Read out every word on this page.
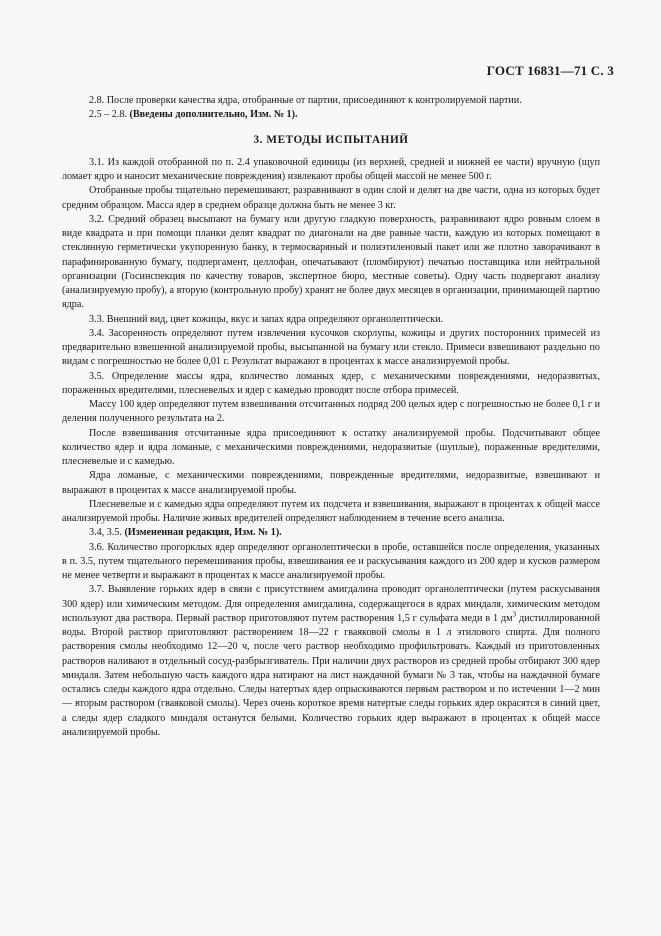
ГОСТ 16831—71 С. 3

2.8. После проверки качества ядра, отобранные от партии, присоединяют к контролируемой партии.

2.5 – 2.8. (Введены дополнительно, Изм. № 1).

3. МЕТОДЫ ИСПЫТАНИЙ

3.1. Из каждой отобранной по п. 2.4 упаковочной единицы (из верхней, средней и нижней ее части) вручную (щуп ломает ядро и наносит механические повреждения) извлекают пробы общей массой не менее 500 г.

Отобранные пробы тщательно перемешивают, разравнивают в один слой и делят на две части, одна из которых будет средним образцом. Масса ядер в среднем образце должна быть не менее 3 кг.

3.2. Средний образец высыпают на бумагу или другую гладкую поверхность, разравнивают ядро ровным слоем в виде квадрата и при помощи планки делят квадрат по диагонали на две равные части, каждую из которых помещают в стеклянную герметически укупоренную банку, в термосваряный и полиэтиленовый пакет или же плотно заворачивают в парафинированную бумагу, подпергамент, целлофан, опечатывают (пломбируют) печатью поставщика или нейтральной организации (Госинспекция по качеству товаров, экспертное бюро, местные советы). Одну часть подвергают анализу (анализируемую пробу), а вторую (контрольную пробу) хранят не более двух месяцев в организации, принимающей партию ядра.

3.3. Внешний вид, цвет кожицы, вкус и запах ядра определяют органолептически.

3.4. Засоренность определяют путем извлечения кусочков скорлупы, кожицы и других посторонних примесей из предварительно взвешенной анализируемой пробы, высыпанной на бумагу или стекло. Примеси взвешивают раздельно по видам с погрешностью не более 0,01 г. Результат выражают в процентах к массе анализируемой пробы.

3.5. Определение массы ядра, количество ломаных ядер, с механическими повреждениями, недоразвитых, пораженных вредителями, плесневелых и ядер с камедью проводят после отбора примесей.

Массу 100 ядер определяют путем взвешивания отсчитанных подряд 200 целых ядер с погрешностью не более 0,1 г и деления полученного результата на 2.

После взвешивания отсчитанные ядра присоединяют к остатку анализируемой пробы. Подсчитывают общее количество ядер и ядра ломаные, с механическими повреждениями, недоразвитые (шуплые), пораженные вредителями, плесневелые и с камедью.

Ядра ломаные, с механическими повреждениями, поврежденные вредителями, недоразвитые, взвешивают и выражают в процентах к массе анализируемой пробы.

Плесневелые и с камедью ядра определяют путем их подсчета и взвешивания, выражают в процентах к общей массе анализируемой пробы. Наличие живых вредителей определяют наблюдением в течение всего анализа.

3.4, 3.5. (Измененная редакция, Изм. № 1).

3.6. Количество прогорклых ядер определяют органолептически в пробе, оставшейся после определения, указанных в п. 3.5, путем тщательного перемешивания пробы, взвешивания ее и раскусывания каждого из 200 ядер и кусков размером не менее четверти и выражают в процентах к массе анализируемой пробы.

3.7. Выявление горьких ядер в связи с присутствием амигдалина проводят органолептически (путем раскусывания 300 ядер) или химическим методом. Для определения амигдалина, содержащегося в ядрах миндаля, химическим методом используют два раствора. Первый раствор приготовляют путем растворения 1,5 г сульфата меди в 1 $дм^3$ дистиллированной воды. Второй раствор приготовляют растворением 18—22 г гваяковой смолы в 1 л этилового спирта. Для полного растворения смолы необходимо 12—20 ч, после чего раствор необходимо профильтровать. Каждый из приготовленных растворов наливают в отдельный сосуд-разбрызгиватель. При наличии двух растворов из средней пробы отбирают 300 ядер миндаля. Затем небольшую часть каждого ядра натирают на лист наждачной бумаги № 3 так, чтобы на наждачной бумаге остались следы каждого ядра отдельно. Следы натертых ядер опрыскиваются первым раствором и по истечении 1—2 мин — вторым раствором (гваяковой смолы). Через очень короткое время натертые следы горьких ядер окрасятся в синий цвет, а следы ядер сладкого миндаля останутся белыми. Количество горьких ядер выражают в процентах к общей массе анализируемой пробы.
